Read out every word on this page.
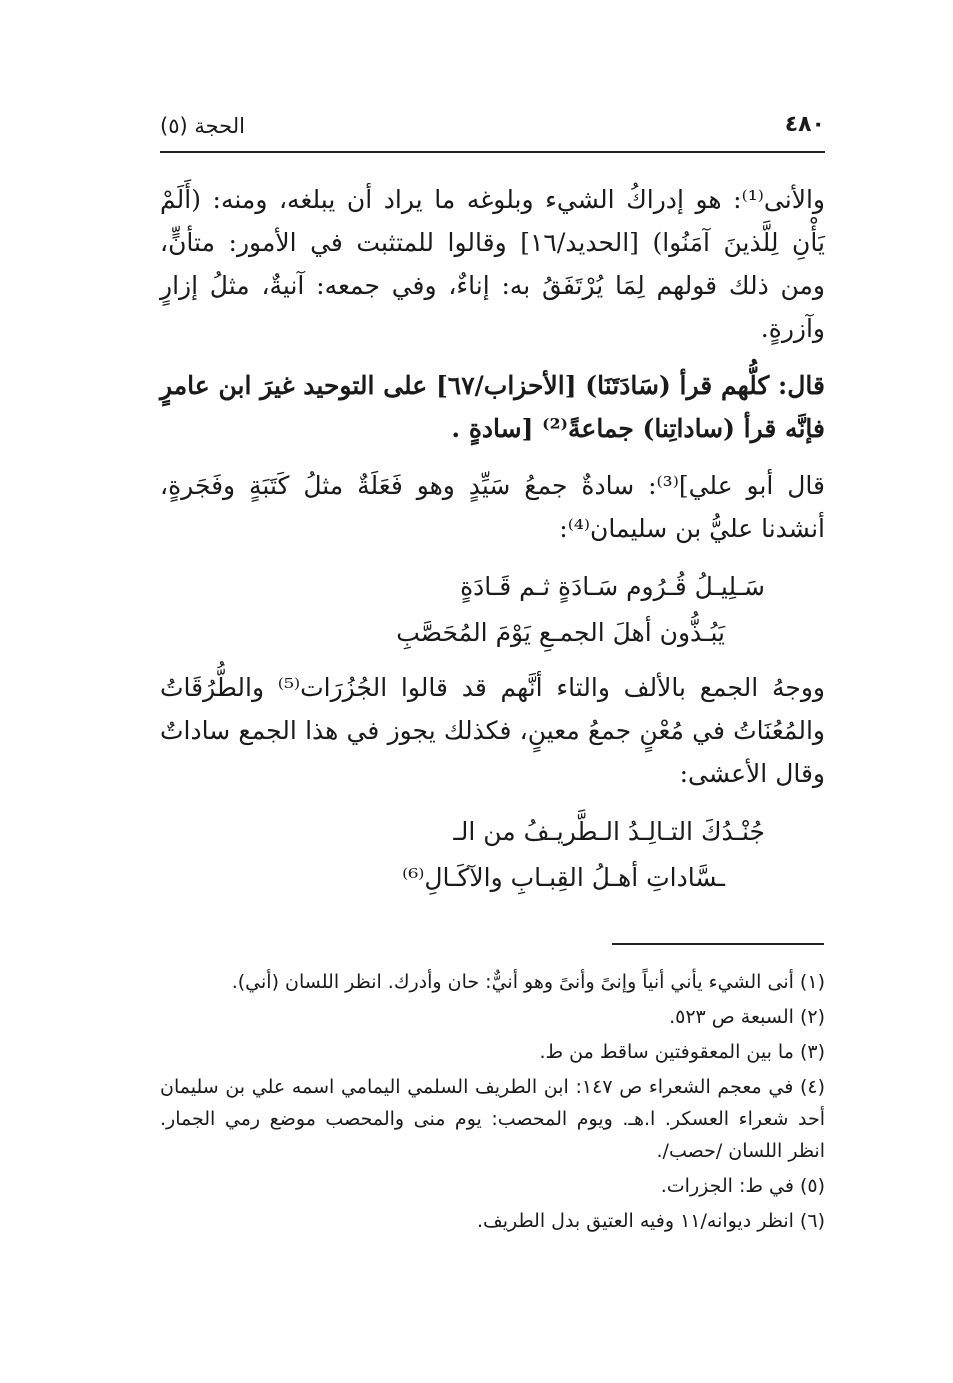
٤٨٠
الحجة (٥)

والأنى⁽¹⁾: هو إدراكُ الشيء وبلوغه ما يراد أن يبلغه، ومنه: (أَلَمْ يَأْنِ لِلَّذينَ آمَنُوا) [الحديد/١٦] وقالوا للمتثبت في الأمور: متأنٍّ، ومن ذلك قولهم لِمَا يُرْتَفَقُ به: إناءٌ، وفي جمعه: آنيةٌ، مثلُ إزارٍ وآزرةٍ.

قال: كلُّهم قرأ (سَادَتَنَا) [الأحزاب/٦٧] على التوحيد غيرَ ابن عامرٍ فإنَّه قرأ (ساداتِنا) جماعةً⁽²⁾ [سادةٍ .

قال أبو علي]⁽³⁾: سادةٌ جمعُ سَيِّدٍ وهو فَعَلَةٌ مثلُ كَتَبَةٍ وفَجَرةٍ، أنشدنا عليُّ بن سليمان⁽⁴⁾:

سَـلِيـلُ قُـرُوم سَـادَةٍ ثـم قَـادَةٍ
يَبُـذُّون أهلَ الجمـعِ يَوْمَ المُحَصَّبِ

ووجهُ الجمع بالألف والتاء أنَّهم قد قالوا الجُزُرَات⁽⁵⁾ والطُّرُقَاتُ والمُعُنَاتُ في مُعْنٍ جمعُ معينٍ، فكذلك يجوز في هذا الجمع ساداتٌ وقال الأعشى:

جُنْـدُكَ التـالِـدُ الـطَّريـفُ من الـ
ـسَّاداتِ أهـلُ القِبـابِ والآكَـالِ⁽⁶⁾

(١) أنى الشيء يأني أنياً وإنىً وأنىً وهو أنيٌّ: حان وأدرك. انظر اللسان (أني).

(٢) السبعة ص ٥٢٣.

(٣) ما بين المعقوفتين ساقط من ط.

(٤) في معجم الشعراء ص ١٤٧: ابن الطريف السلمي اليمامي اسمه علي بن سليمان أحد شعراء العسكر. ا.هـ. ويوم المحصب: يوم منى والمحصب موضع رمي الجمار. انظر اللسان /حصب/.

(٥) في ط: الجزرات.

(٦) انظر ديوانه/١١ وفيه العتيق بدل الطريف.
